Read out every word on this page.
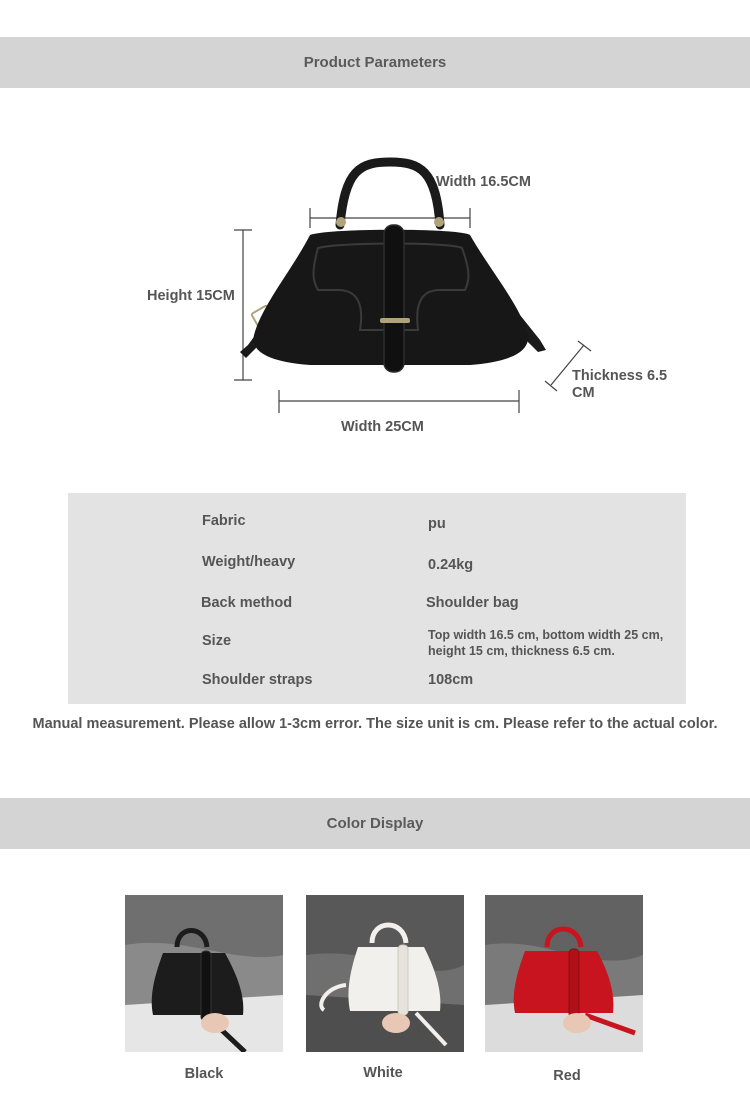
Product Parameters
Width 16.5CM
Height 15CM
Thickness 6.5 CM
Width 25CM
Fabric	pu
Weight/heavy	0.24kg
Back method	Shoulder bag
Size	Top width 16.5 cm, bottom width 25 cm, height 15 cm, thickness 6.5 cm.
Shoulder straps	108cm
Manual measurement. Please allow 1-3cm error. The size unit is cm. Please refer to the actual color.
Color Display
Black	White	Red
